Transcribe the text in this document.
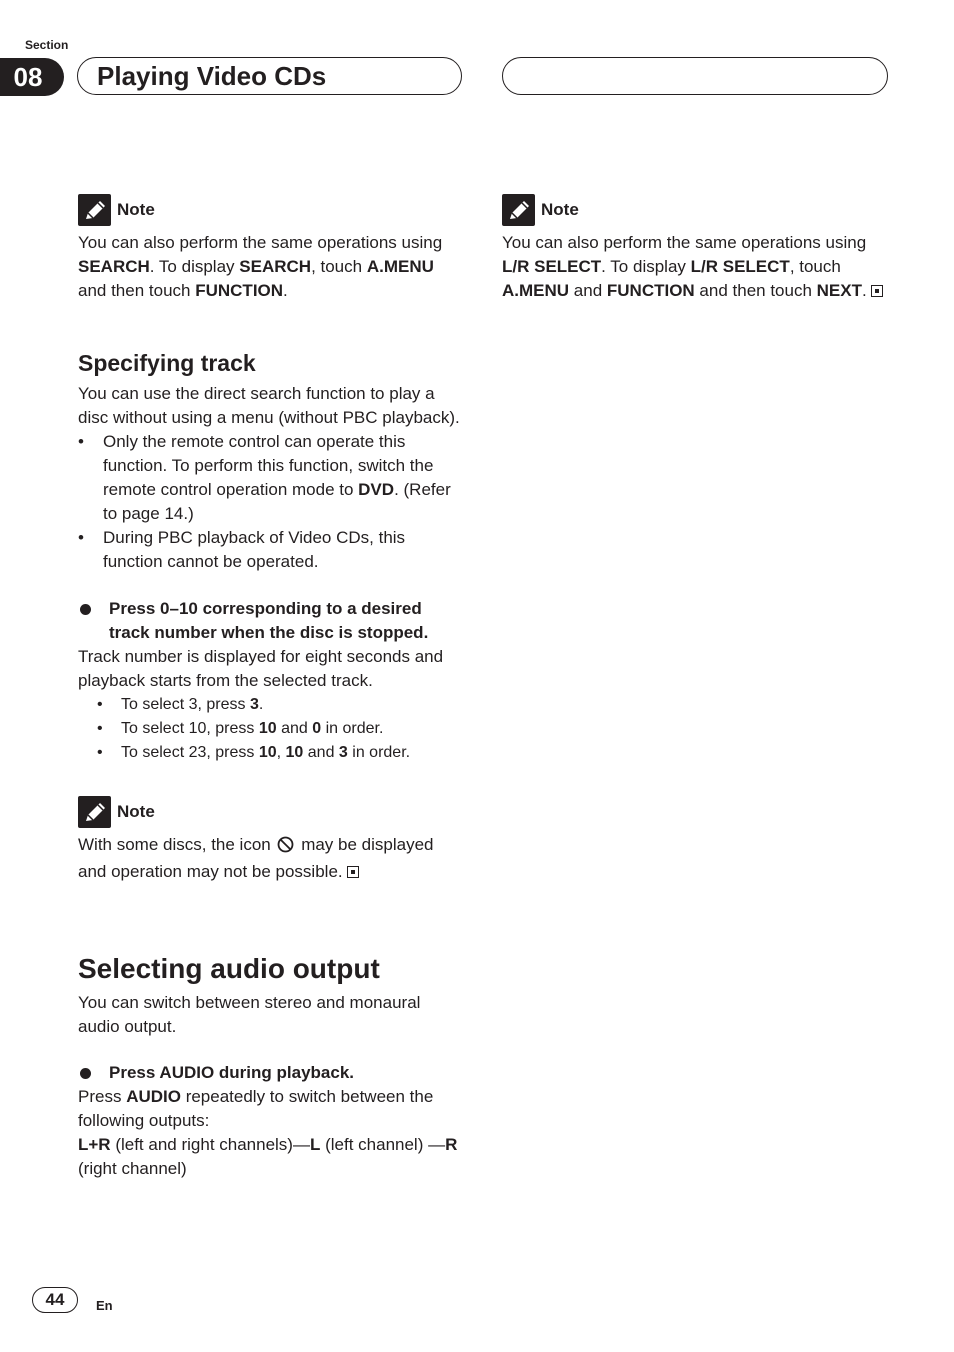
Section
08	Playing Video CDs
Note
You can also perform the same operations using SEARCH. To display SEARCH, touch A.MENU and then touch FUNCTION.
Specifying track
You can use the direct search function to play a disc without using a menu (without PBC playback).
• Only the remote control can operate this function. To perform this function, switch the remote control operation mode to DVD. (Refer to page 14.)
• During PBC playback of Video CDs, this function cannot be operated.
Press 0–10 corresponding to a desired track number when the disc is stopped.
Track number is displayed for eight seconds and playback starts from the selected track.
• To select 3, press 3.
• To select 10, press 10 and 0 in order.
• To select 23, press 10, 10 and 3 in order.
Note
With some discs, the icon  may be displayed and operation may not be possible.
Selecting audio output
You can switch between stereo and monaural audio output.
Press AUDIO during playback.
Press AUDIO repeatedly to switch between the following outputs:
L+R (left and right channels)—L (left channel) —R (right channel)
Note
You can also perform the same operations using L/R SELECT. To display L/R SELECT, touch A.MENU and FUNCTION and then touch NEXT.
44 En
